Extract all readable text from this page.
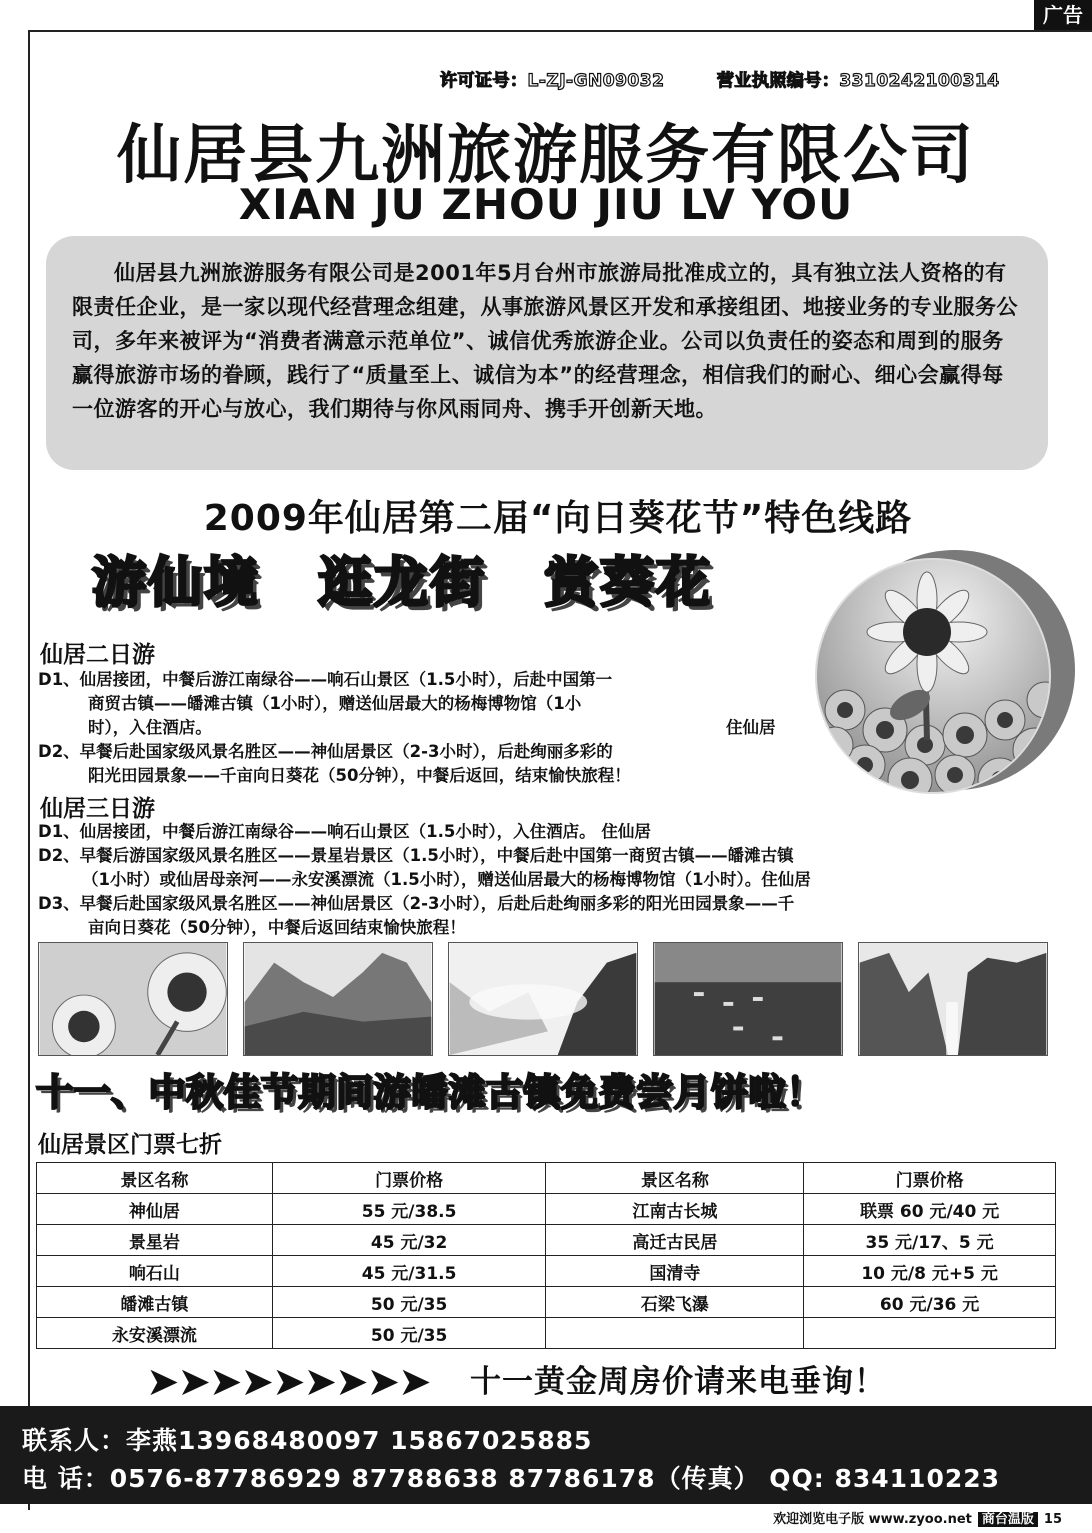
广告
许可证号：L-ZJ-GN09032	营业执照编号：3310242100314
仙居县九洲旅游服务有限公司
XIAN JU ZHOU JIU LV YOU
仙居县九洲旅游服务有限公司是2001年5月台州市旅游局批准成立的，具有独立法人资格的有限责任企业，是一家以现代经营理念组建，从事旅游风景区开发和承接组团、地接业务的专业服务公司，多年来被评为“消费者满意示范单位”、诚信优秀旅游企业。公司以负责任的姿态和周到的服务赢得旅游市场的眷顾，践行了“质量至上、诚信为本”的经营理念，相信我们的耐心、细心会赢得每一位游客的开心与放心，我们期待与你风雨同舟、携手开创新天地。
2009年仙居第二届“向日葵花节”特色线路
游仙境 逛龙街 赏葵花
仙居二日游
D1、仙居接团，中餐后游江南绿谷——响石山景区（1.5小时），后赴中国第一
商贸古镇——皤滩古镇（1小时），赠送仙居最大的杨梅博物馆（1小
时），入住酒店。	住仙居
D2、早餐后赴国家级风景名胜区——神仙居景区（2-3小时），后赴绚丽多彩的
阳光田园景象——千亩向日葵花（50分钟），中餐后返回，结束愉快旅程！
仙居三日游
D1、仙居接团，中餐后游江南绿谷——响石山景区（1.5小时），入住酒店。 住仙居
D2、早餐后游国家级风景名胜区——景星岩景区（1.5小时），中餐后赴中国第一商贸古镇——皤滩古镇
（1小时）或仙居母亲河——永安溪漂流（1.5小时），赠送仙居最大的杨梅博物馆（1小时）。住仙居
D3、早餐后赴国家级风景名胜区——神仙居景区（2-3小时），后赴后赴绚丽多彩的阳光田园景象——千
亩向日葵花（50分钟），中餐后返回结束愉快旅程！
十一、中秋佳节期间游皤滩古镇免费尝月饼啦！
仙居景区门票七折
景区名称	门票价格	景区名称	门票价格
神仙居	55 元/38.5	江南古长城	联票 60 元/40 元
景星岩	45 元/32	高迁古民居	35 元/17、5 元
响石山	45 元/31.5	国清寺	10 元/8 元+5 元
皤滩古镇	50 元/35	石梁飞瀑	60 元/36 元
永安溪漂流	50 元/35		
➤➤➤➤➤➤➤➤➤ 十一黄金周房价请来电垂询！
联系人：李燕13968480097 15867025885
电 话：0576-87786929 87788638 87786178（传真） QQ: 834110223
欢迎浏览电子版 www.zyoo.net 商台温版 15
